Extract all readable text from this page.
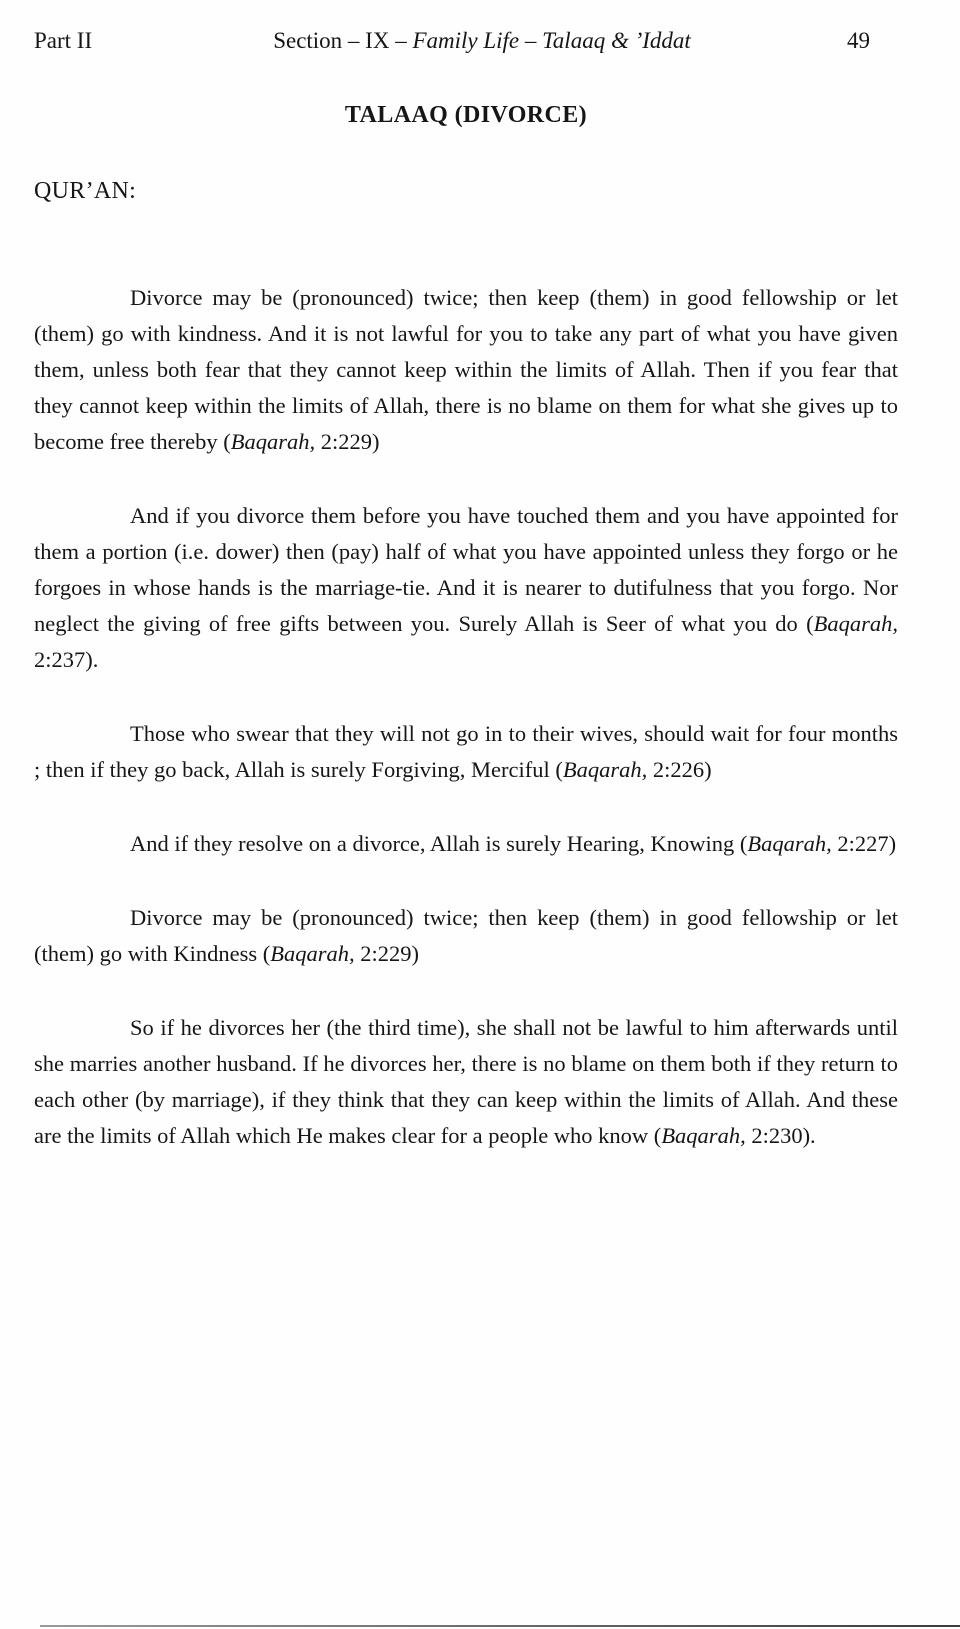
Part II	Section – IX – Family Life – Talaaq & ’Iddat	49
TALAAQ (DIVORCE)
QUR’AN:

Divorce may be (pronounced) twice; then keep (them) in good fellowship or let (them) go with kindness. And it is not lawful for you to take any part of what you have given them, unless both fear that they cannot keep within the limits of Allah. Then if you fear that they cannot keep within the limits of Allah, there is no blame on them for what she gives up to become free thereby (Baqarah, 2:229)

And if you divorce them before you have touched them and you have appointed for them a portion (i.e. dower) then (pay) half of what you have appointed unless they forgo or he forgoes in whose hands is the marriage-tie. And it is nearer to dutifulness that you forgo. Nor neglect the giving of free gifts between you. Surely Allah is Seer of what you do (Baqarah, 2:237).

Those who swear that they will not go in to their wives, should wait for four months ; then if they go back, Allah is surely Forgiving, Merciful (Baqarah, 2:226)

And if they resolve on a divorce, Allah is surely Hearing, Knowing (Baqarah, 2:227)

Divorce may be (pronounced) twice; then keep (them) in good fellowship or let (them) go with Kindness (Baqarah, 2:229)

So if he divorces her (the third time), she shall not be lawful to him afterwards until she marries another husband. If he divorces her, there is no blame on them both if they return to each other (by marriage), if they think that they can keep within the limits of Allah. And these are the limits of Allah which He makes clear for a people who know (Baqarah, 2:230).
